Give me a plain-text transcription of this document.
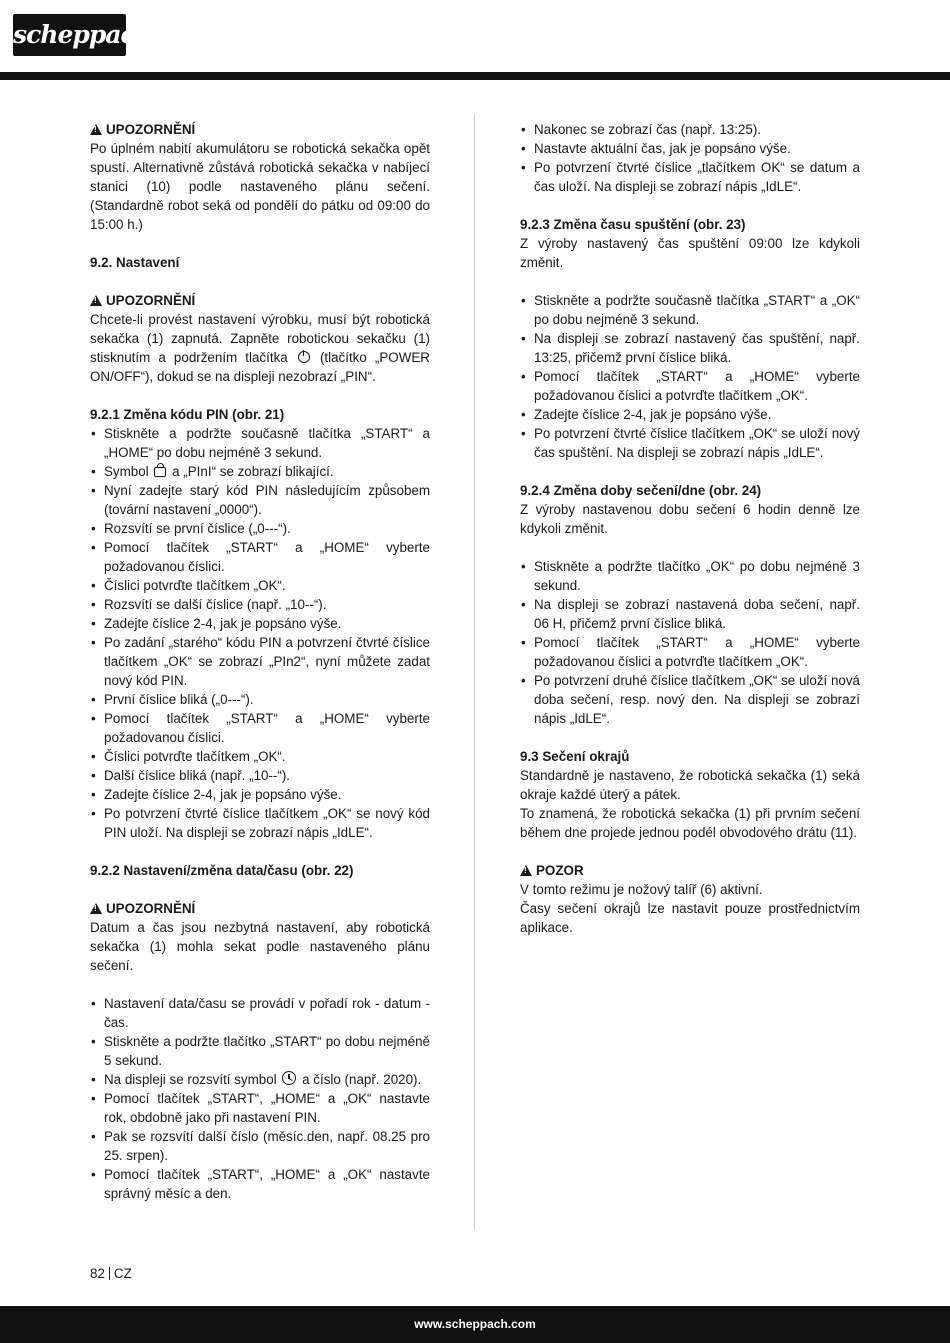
scheppach
!UPOZORNĚNÍ

Po úplném nabití akumulátoru se robotická sekačka opět spustí. Alternativně zůstává robotická sekačka v nabíjecí stanici (10) podle nastaveného plánu sečení. (Standardně robot seká od pondělí do pátku od 09:00 do 15:00 h.)

9.2. Nastavení

!UPOZORNĚNÍ

Chcete-li provést nastavení výrobku, musí být robotická sekačka (1) zapnutá. Zapněte robotickou sekačku (1) stisknutím a podržením tlačítka (tlačítko „POWER ON/OFF“), dokud se na displeji nezobrazí „PIN“.

9.2.1 Změna kódu PIN (obr. 21)

• Stiskněte a podržte současně tlačítka „START“ a „HOME“ po dobu nejméně 3 sekund.
• Symbol a „PInI“ se zobrazí blikající.
• Nyní zadejte starý kód PIN následujícím způsobem (tovární nastavení „0000“).
• Rozsvítí se první číslice („0---“).
• Pomocí tlačítek „START“ a „HOME“ vyberte požadovanou číslici.
• Číslici potvrďte tlačítkem „OK“.
• Rozsvítí se další číslice (např. „10--“).
• Zadejte číslice 2-4, jak je popsáno výše.
• Po zadání „starého“ kódu PIN a potvrzení čtvrté číslice tlačítkem „OK“ se zobrazí „PIn2“, nyní můžete zadat nový kód PIN.
• První číslice bliká („0---“).
• Pomocí tlačítek „START“ a „HOME“ vyberte požadovanou číslici.
• Číslici potvrďte tlačítkem „OK“.
• Další číslice bliká (např. „10--“).
• Zadejte číslice 2-4, jak je popsáno výše.
• Po potvrzení čtvrté číslice tlačítkem „OK“ se nový kód PIN uloží. Na displeji se zobrazí nápis „IdLE“.

9.2.2 Nastavení/změna data/času (obr. 22)

!UPOZORNĚNÍ

Datum a čas jsou nezbytná nastavení, aby robotická sekačka (1) mohla sekat podle nastaveného plánu sečení.

• Nastavení data/času se provádí v pořadí rok - datum - čas.
• Stiskněte a podržte tlačítko „START“ po dobu nejméně 5 sekund.
• Na displeji se rozsvítí symbol a číslo (např. 2020).
• Pomocí tlačítek „START“, „HOME“ a „OK“ nastavte rok, obdobně jako při nastavení PIN.
• Pak se rozsvítí další číslo (měsíc.den, např. 08.25 pro 25. srpen).
• Pomocí tlačítek „START“, „HOME“ a „OK“ nastavte správný měsíc a den.
• Nakonec se zobrazí čas (např. 13:25).
• Nastavte aktuální čas, jak je popsáno výše.
• Po potvrzení čtvrté číslice „tlačítkem OK“ se datum a čas uloží. Na displeji se zobrazí nápis „IdLE“.

9.2.3 Změna času spuštění (obr. 23)

Z výroby nastavený čas spuštění 09:00 lze kdykoli změnit.

• Stiskněte a podržte současně tlačítka „START“ a „OK“ po dobu nejméně 3 sekund.
• Na displeji se zobrazí nastavený čas spuštění, např. 13:25, přičemž první číslice bliká.
• Pomocí tlačítek „START“ a „HOME“ vyberte požadovanou číslici a potvrďte tlačítkem „OK“.
• Zadejte číslice 2-4, jak je popsáno výše.
• Po potvrzení čtvrté číslice tlačítkem „OK“ se uloží nový čas spuštění. Na displeji se zobrazí nápis „IdLE“.

9.2.4 Změna doby sečení/dne (obr. 24)

Z výroby nastavenou dobu sečení 6 hodin denně lze kdykoli změnit.

• Stiskněte a podržte tlačítko „OK“ po dobu nejméně 3 sekund.
• Na displeji se zobrazí nastavená doba sečení, např. 06 H, přičemž první číslice bliká.
• Pomocí tlačítek „START“ a „HOME“ vyberte požadovanou číslici a potvrďte tlačítkem „OK“.
• Po potvrzení druhé číslice tlačítkem „OK“ se uloží nová doba sečení, resp. nový den. Na displeji se zobrazí nápis „IdLE“.

9.3 Sečení okrajů

Standardně je nastaveno, že robotická sekačka (1) seká okraje každé úterý a pátek.

To znamená, že robotická sekačka (1) při prvním sečení během dne projede jednou podél obvodového drátu (11).

!POZOR

V tomto režimu je nožový talíř (6) aktivní.

Časy sečení okrajů lze nastavit pouze prostřednictvím aplikace.

82 CZ
www.scheppach.com
